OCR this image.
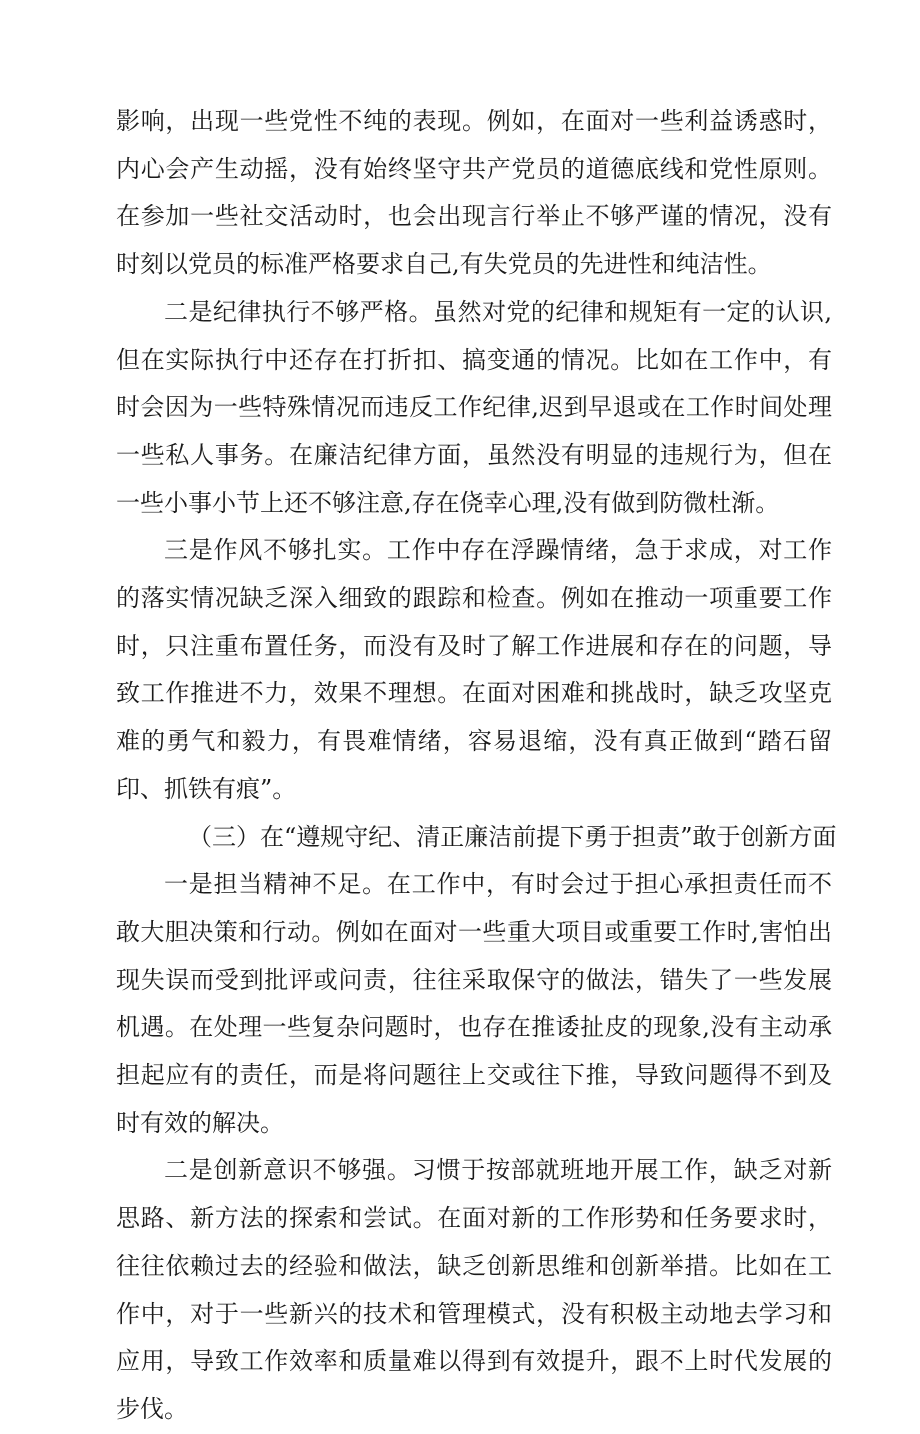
影响，出现一些党性不纯的表现。例如，在面对一些利益诱惑时，内心会产生动摇，没有始终坚守共产党员的道德底线和党性原则。在参加一些社交活动时，也会出现言行举止不够严谨的情况，没有时刻以党员的标准严格要求自己,有失党员的先进性和纯洁性。

二是纪律执行不够严格。虽然对党的纪律和规矩有一定的认识,但在实际执行中还存在打折扣、搞变通的情况。比如在工作中，有时会因为一些特殊情况而违反工作纪律,迟到早退或在工作时间处理一些私人事务。在廉洁纪律方面，虽然没有明显的违规行为，但在一些小事小节上还不够注意,存在侥幸心理,没有做到防微杜渐。

三是作风不够扎实。工作中存在浮躁情绪，急于求成，对工作的落实情况缺乏深入细致的跟踪和检查。例如在推动一项重要工作时，只注重布置任务，而没有及时了解工作进展和存在的问题，导致工作推进不力，效果不理想。在面对困难和挑战时，缺乏攻坚克难的勇气和毅力，有畏难情绪，容易退缩，没有真正做到“踏石留印、抓铁有痕”。

（三）在“遵规守纪、清正廉洁前提下勇于担责”敢于创新方面

一是担当精神不足。在工作中，有时会过于担心承担责任而不敢大胆决策和行动。例如在面对一些重大项目或重要工作时,害怕出现失误而受到批评或问责，往往采取保守的做法，错失了一些发展机遇。在处理一些复杂问题时，也存在推诿扯皮的现象,没有主动承担起应有的责任，而是将问题往上交或往下推，导致问题得不到及时有效的解决。

二是创新意识不够强。习惯于按部就班地开展工作，缺乏对新思路、新方法的探索和尝试。在面对新的工作形势和任务要求时，往往依赖过去的经验和做法，缺乏创新思维和创新举措。比如在工作中，对于一些新兴的技术和管理模式，没有积极主动地去学习和应用，导致工作效率和质量难以得到有效提升，跟不上时代发展的步伐。
